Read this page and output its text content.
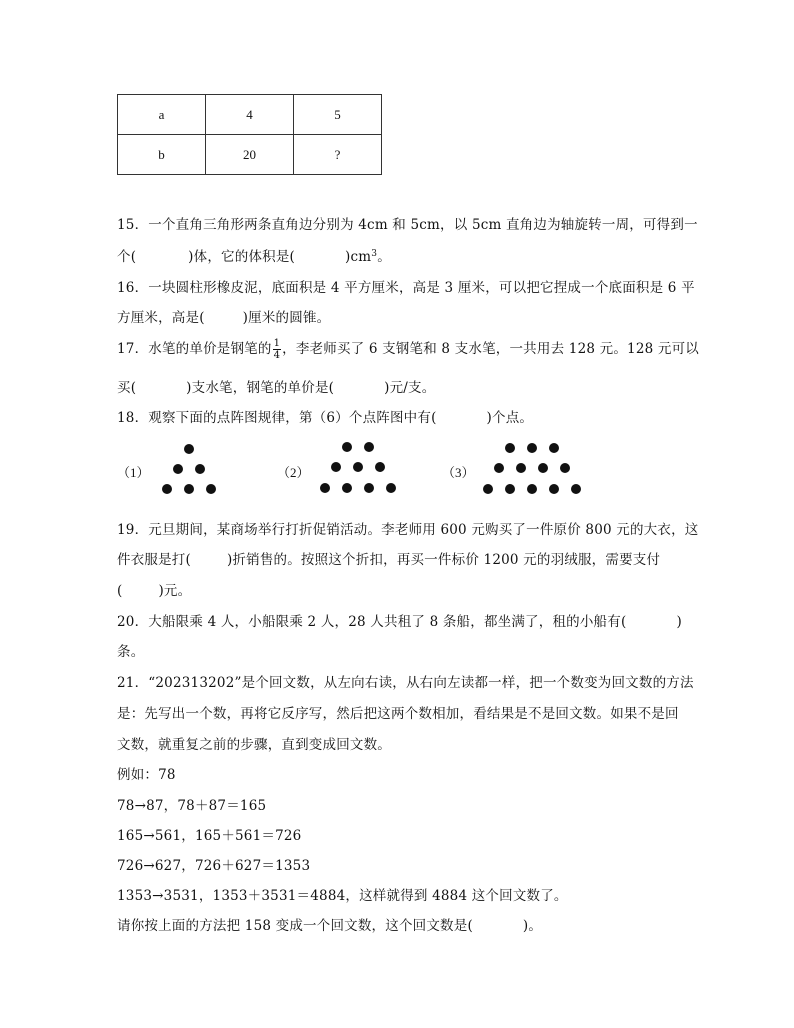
a	4	5
b	20	?
15．一个直角三角形两条直角边分别为 4cm 和 5cm，以 5cm 直角边为轴旋转一周，可得到一
个(	)体，它的体积是(	)$cm^3$。
16．一块圆柱形橡皮泥，底面积是 4 平方厘米，高是 3 厘米，可以把它捏成一个底面积是 6 平
方厘米，高是(	)厘米的圆锥。
17．水笔的单价是钢笔的 $\frac{1}{4}$ ，李老师买了 6 支钢笔和 8 支水笔，一共用去 128 元。128 元可以
买(	)支水笔，钢笔的单价是(	)元/支。
18．观察下面的点阵图规律，第（6）个点阵图中有(	)个点。
（1）	（2）	（3）
19．元旦期间，某商场举行打折促销活动。李老师用 600 元购买了一件原价 800 元的大衣，这
件衣服是打(	)折销售的。按照这个折扣，再买一件标价 1200 元的羽绒服，需要支付
(	)元。
20．大船限乘 4 人，小船限乘 2 人，28 人共租了 8 条船，都坐满了，租的小船有(	)
条。
21．“202313202”是个回文数，从左向右读，从右向左读都一样，把一个数变为回文数的方法
是：先写出一个数，再将它反序写，然后把这两个数相加，看结果是不是回文数。如果不是回
文数，就重复之前的步骤，直到变成回文数。
例如：78
78→87，78＋87＝165
165→561，165＋561＝726
726→627，726＋627＝1353
1353→3531，1353＋3531＝4884，这样就得到 4884 这个回文数了。
请你按上面的方法把 158 变成一个回文数，这个回文数是(	)。
